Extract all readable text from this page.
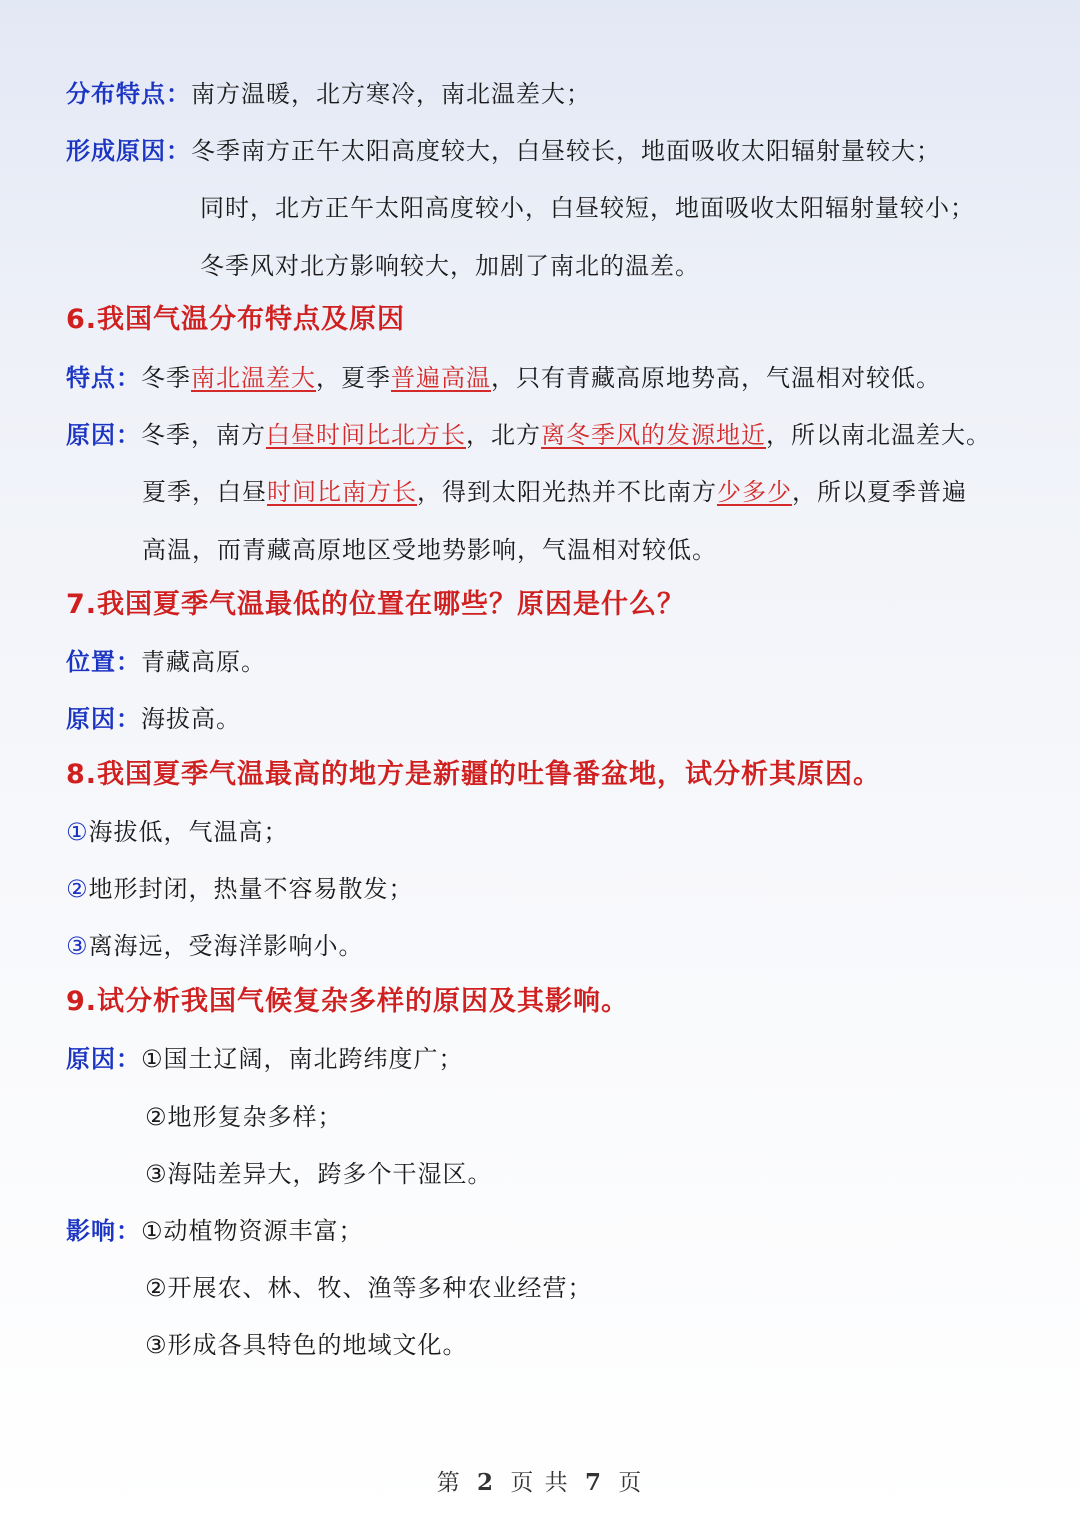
分布特点：南方温暖，北方寒冷，南北温差大；
形成原因：冬季南方正午太阳高度较大，白昼较长，地面吸收太阳辐射量较大；
同时，北方正午太阳高度较小，白昼较短，地面吸收太阳辐射量较小；
冬季风对北方影响较大，加剧了南北的温差。
6.我国气温分布特点及原因
特点：冬季南北温差大，夏季普遍高温，只有青藏高原地势高，气温相对较低。
原因：冬季，南方白昼时间比北方长，北方离冬季风的发源地近，所以南北温差大。
夏季，白昼时间比南方长，得到太阳光热并不比南方少多少，所以夏季普遍
高温，而青藏高原地区受地势影响，气温相对较低。
7.我国夏季气温最低的位置在哪些？原因是什么？
位置：青藏高原。
原因：海拔高。
8.我国夏季气温最高的地方是新疆的吐鲁番盆地，试分析其原因。
①海拔低，气温高；
②地形封闭，热量不容易散发；
③离海远，受海洋影响小。
9.试分析我国气候复杂多样的原因及其影响。
原因：①国土辽阔，南北跨纬度广；
②地形复杂多样；
③海陆差异大，跨多个干湿区。
影响：①动植物资源丰富；
②开展农、林、牧、渔等多种农业经营；
③形成各具特色的地域文化。
第 2 页 共 7 页
